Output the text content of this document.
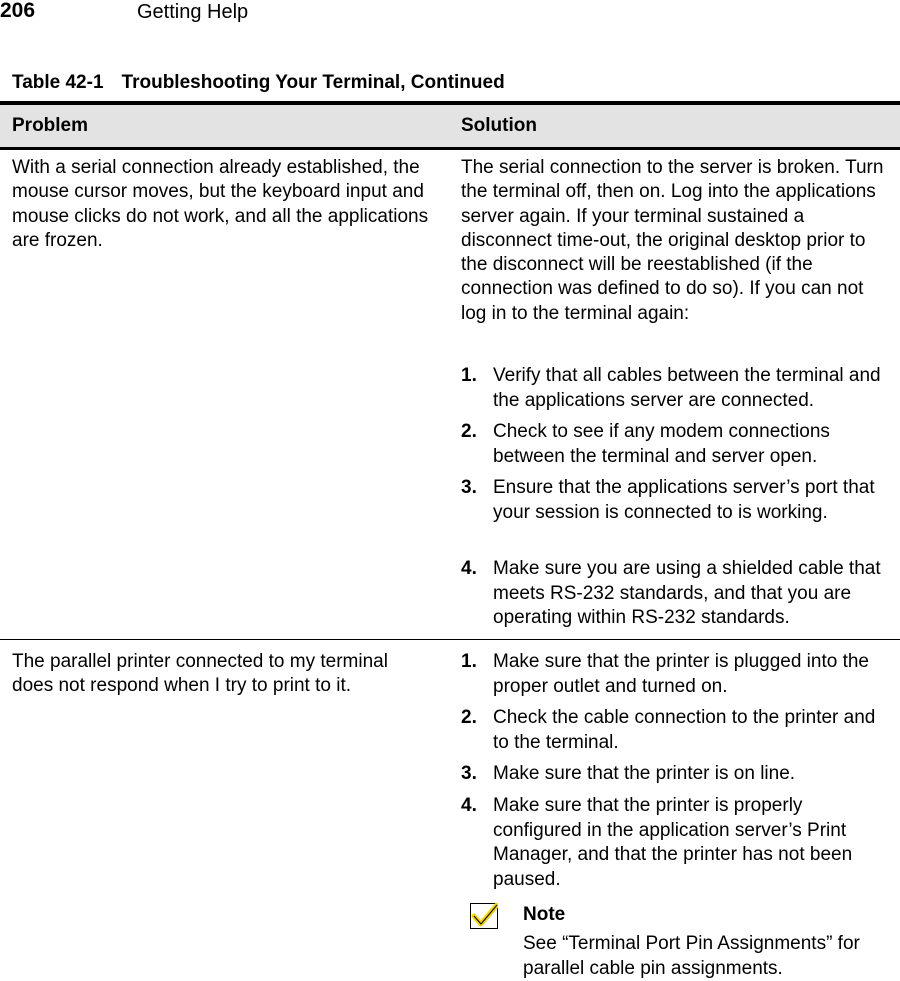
206	Getting Help
Table 42-1 Troubleshooting Your Terminal, Continued
Problem	Solution
With a serial connection already established, the mouse cursor moves, but the keyboard input and mouse clicks do not work, and all the applications are frozen.
The serial connection to the server is broken. Turn the terminal off, then on. Log into the applications server again. If your terminal sustained a disconnect time-out, the original desktop prior to the disconnect will be reestablished (if the connection was defined to do so). If you can not log in to the terminal again:
1. Verify that all cables between the terminal and the applications server are connected.
2. Check to see if any modem connections between the terminal and server open.
3. Ensure that the applications server’s port that your session is connected to is working.
4. Make sure you are using a shielded cable that meets RS-232 standards, and that you are operating within RS-232 standards.
The parallel printer connected to my terminal does not respond when I try to print to it.
1. Make sure that the printer is plugged into the proper outlet and turned on.
2. Check the cable connection to the printer and to the terminal.
3. Make sure that the printer is on line.
4. Make sure that the printer is properly configured in the application server’s Print Manager, and that the printer has not been paused.
Note
See “Terminal Port Pin Assignments” for parallel cable pin assignments.
